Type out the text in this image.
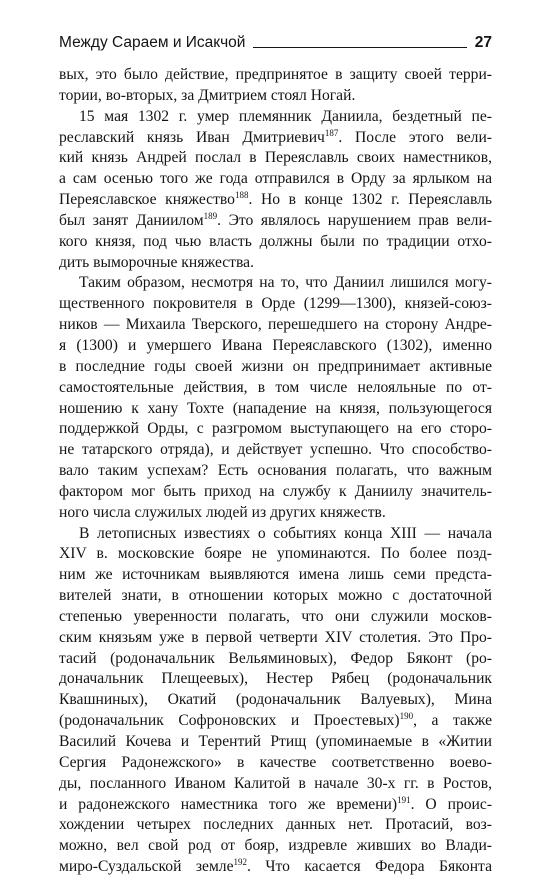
Между Сараем и Исакчой	27
вых, это было действие, предпринятое в защиту своей терри-
тории, во-вторых, за Дмитрием стоял Ногай.
15 мая 1302 г. умер племянник Даниила, бездетный пе-
реславский князь Иван Дмитриевич$^{187}$. После этого вели-
кий князь Андрей послал в Переяславль своих наместников,
а сам осенью того же года отправился в Орду за ярлыком на
Переяславское княжество$^{188}$. Но в конце 1302 г. Переяславль
был занят Даниилом$^{189}$. Это являлось нарушением прав вели-
кого князя, под чью власть должны были по традиции отхо-
дить выморочные княжества.
Таким образом, несмотря на то, что Даниил лишился могу-
щественного покровителя в Орде (1299—1300), князей-союз-
ников — Михаила Тверского, перешедшего на сторону Андре-
я (1300) и умершего Ивана Переяславского (1302), именно
в последние годы своей жизни он предпринимает активные
самостоятельные действия, в том числе нелояльные по от-
ношению к хану Тохте (нападение на князя, пользующегося
поддержкой Орды, с разгромом выступающего на его сторо-
не татарского отряда), и действует успешно. Что способство-
вало таким успехам? Есть основания полагать, что важным
фактором мог быть приход на службу к Даниилу значитель-
ного числа служилых людей из других княжеств.
В летописных известиях о событиях конца XIII — начала
XIV в. московские бояре не упоминаются. По более позд-
ним же источникам выявляются имена лишь семи предста-
вителей знати, в отношении которых можно с достаточной
степенью уверенности полагать, что они служили москов-
ским князьям уже в первой четверти XIV столетия. Это Про-
тасий (родоначальник Вельяминовых), Федор Бяконт (ро-
доначальник Плещеевых), Нестер Рябец (родоначальник
Квашниных), Окатий (родоначальник Валуевых), Мина
(родоначальник Софроновских и Проестевых)$^{190}$, а также
Василий Кочева и Терентий Ртищ (упоминаемые в «Житии
Сергия Радонежского» в качестве соответственно воево-
ды, посланного Иваном Калитой в начале 30-х гг. в Ростов,
и радонежского наместника того же времени)$^{191}$. О проис-
хождении четырех последних данных нет. Протасий, воз-
можно, вел свой род от бояр, издревле живших во Влади-
миро-Суздальской земле$^{192}$. Что касается Федора Бяконта
